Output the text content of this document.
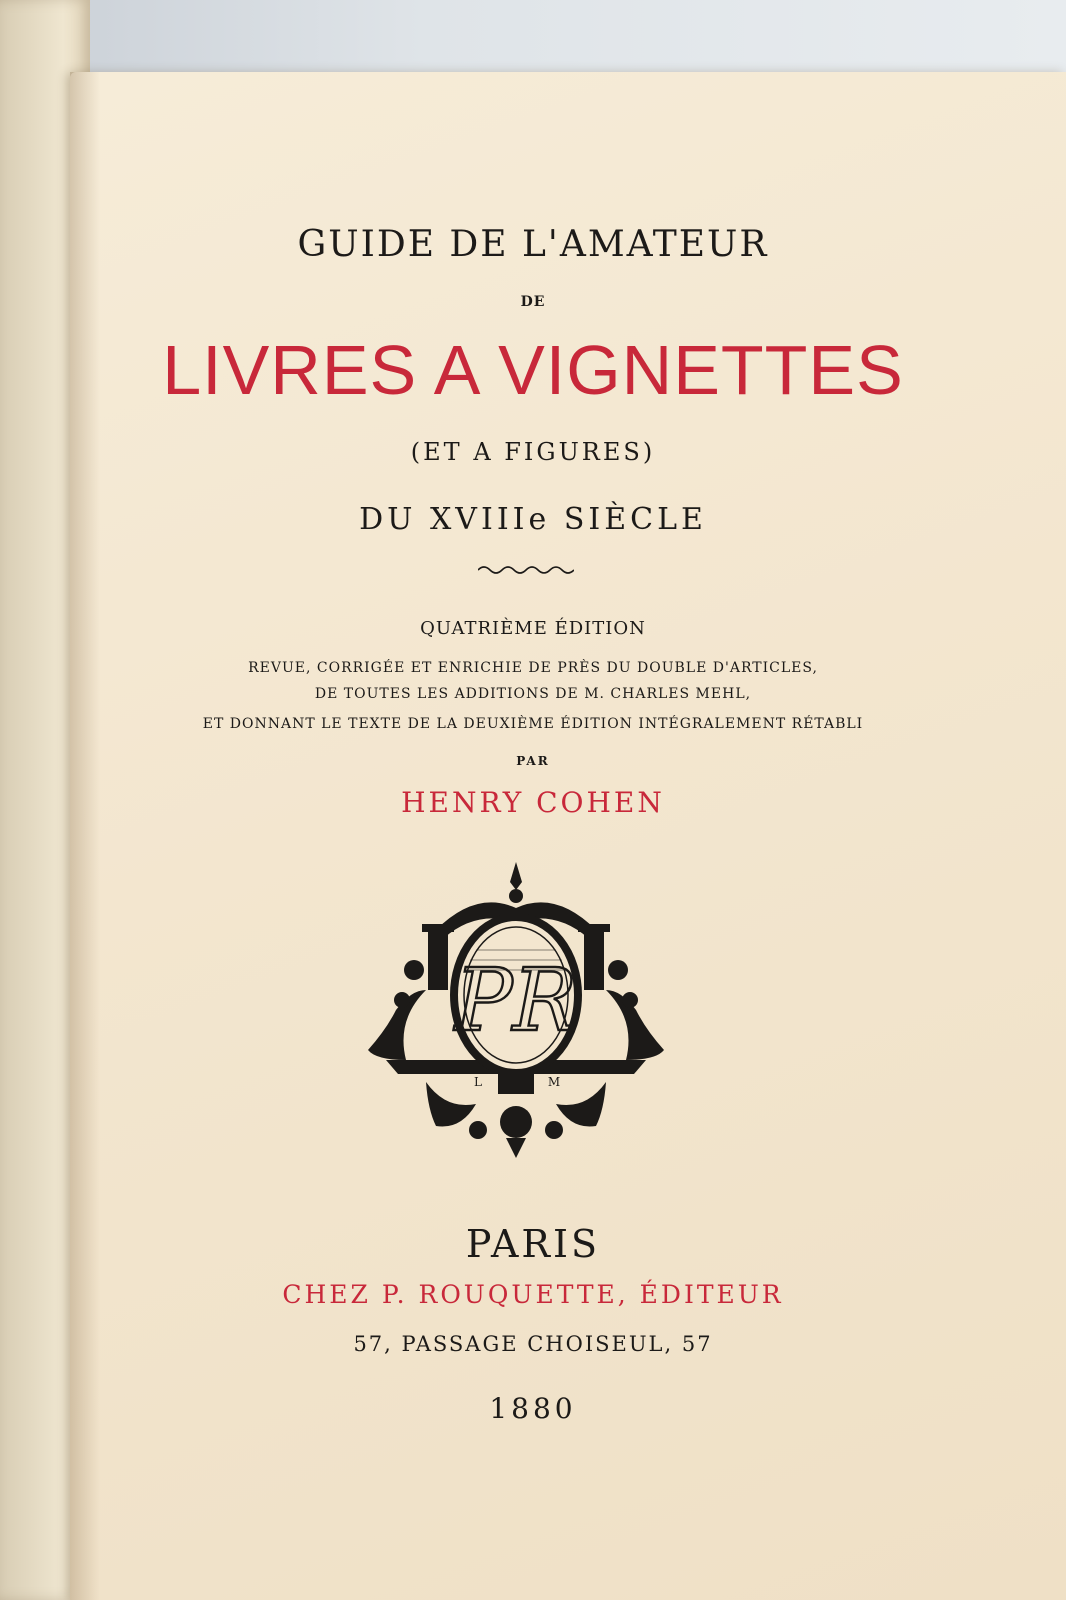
GUIDE DE L'AMATEUR
DE
LIVRES A VIGNETTES
(ET A FIGURES)
DU XVIIIe SIÈCLE
QUATRIÈME ÉDITION
REVUE, CORRIGÉE ET ENRICHIE DE PRÈS DU DOUBLE D'ARTICLES,
DE TOUTES LES ADDITIONS DE M. CHARLES MEHL,
ET DONNANT LE TEXTE DE LA DEUXIÈME ÉDITION INTÉGRALEMENT RÉTABLI
PAR
HENRY COHEN
PR
L	M
PARIS
CHEZ P. ROUQUETTE, ÉDITEUR
57, PASSAGE CHOISEUL, 57
1880
